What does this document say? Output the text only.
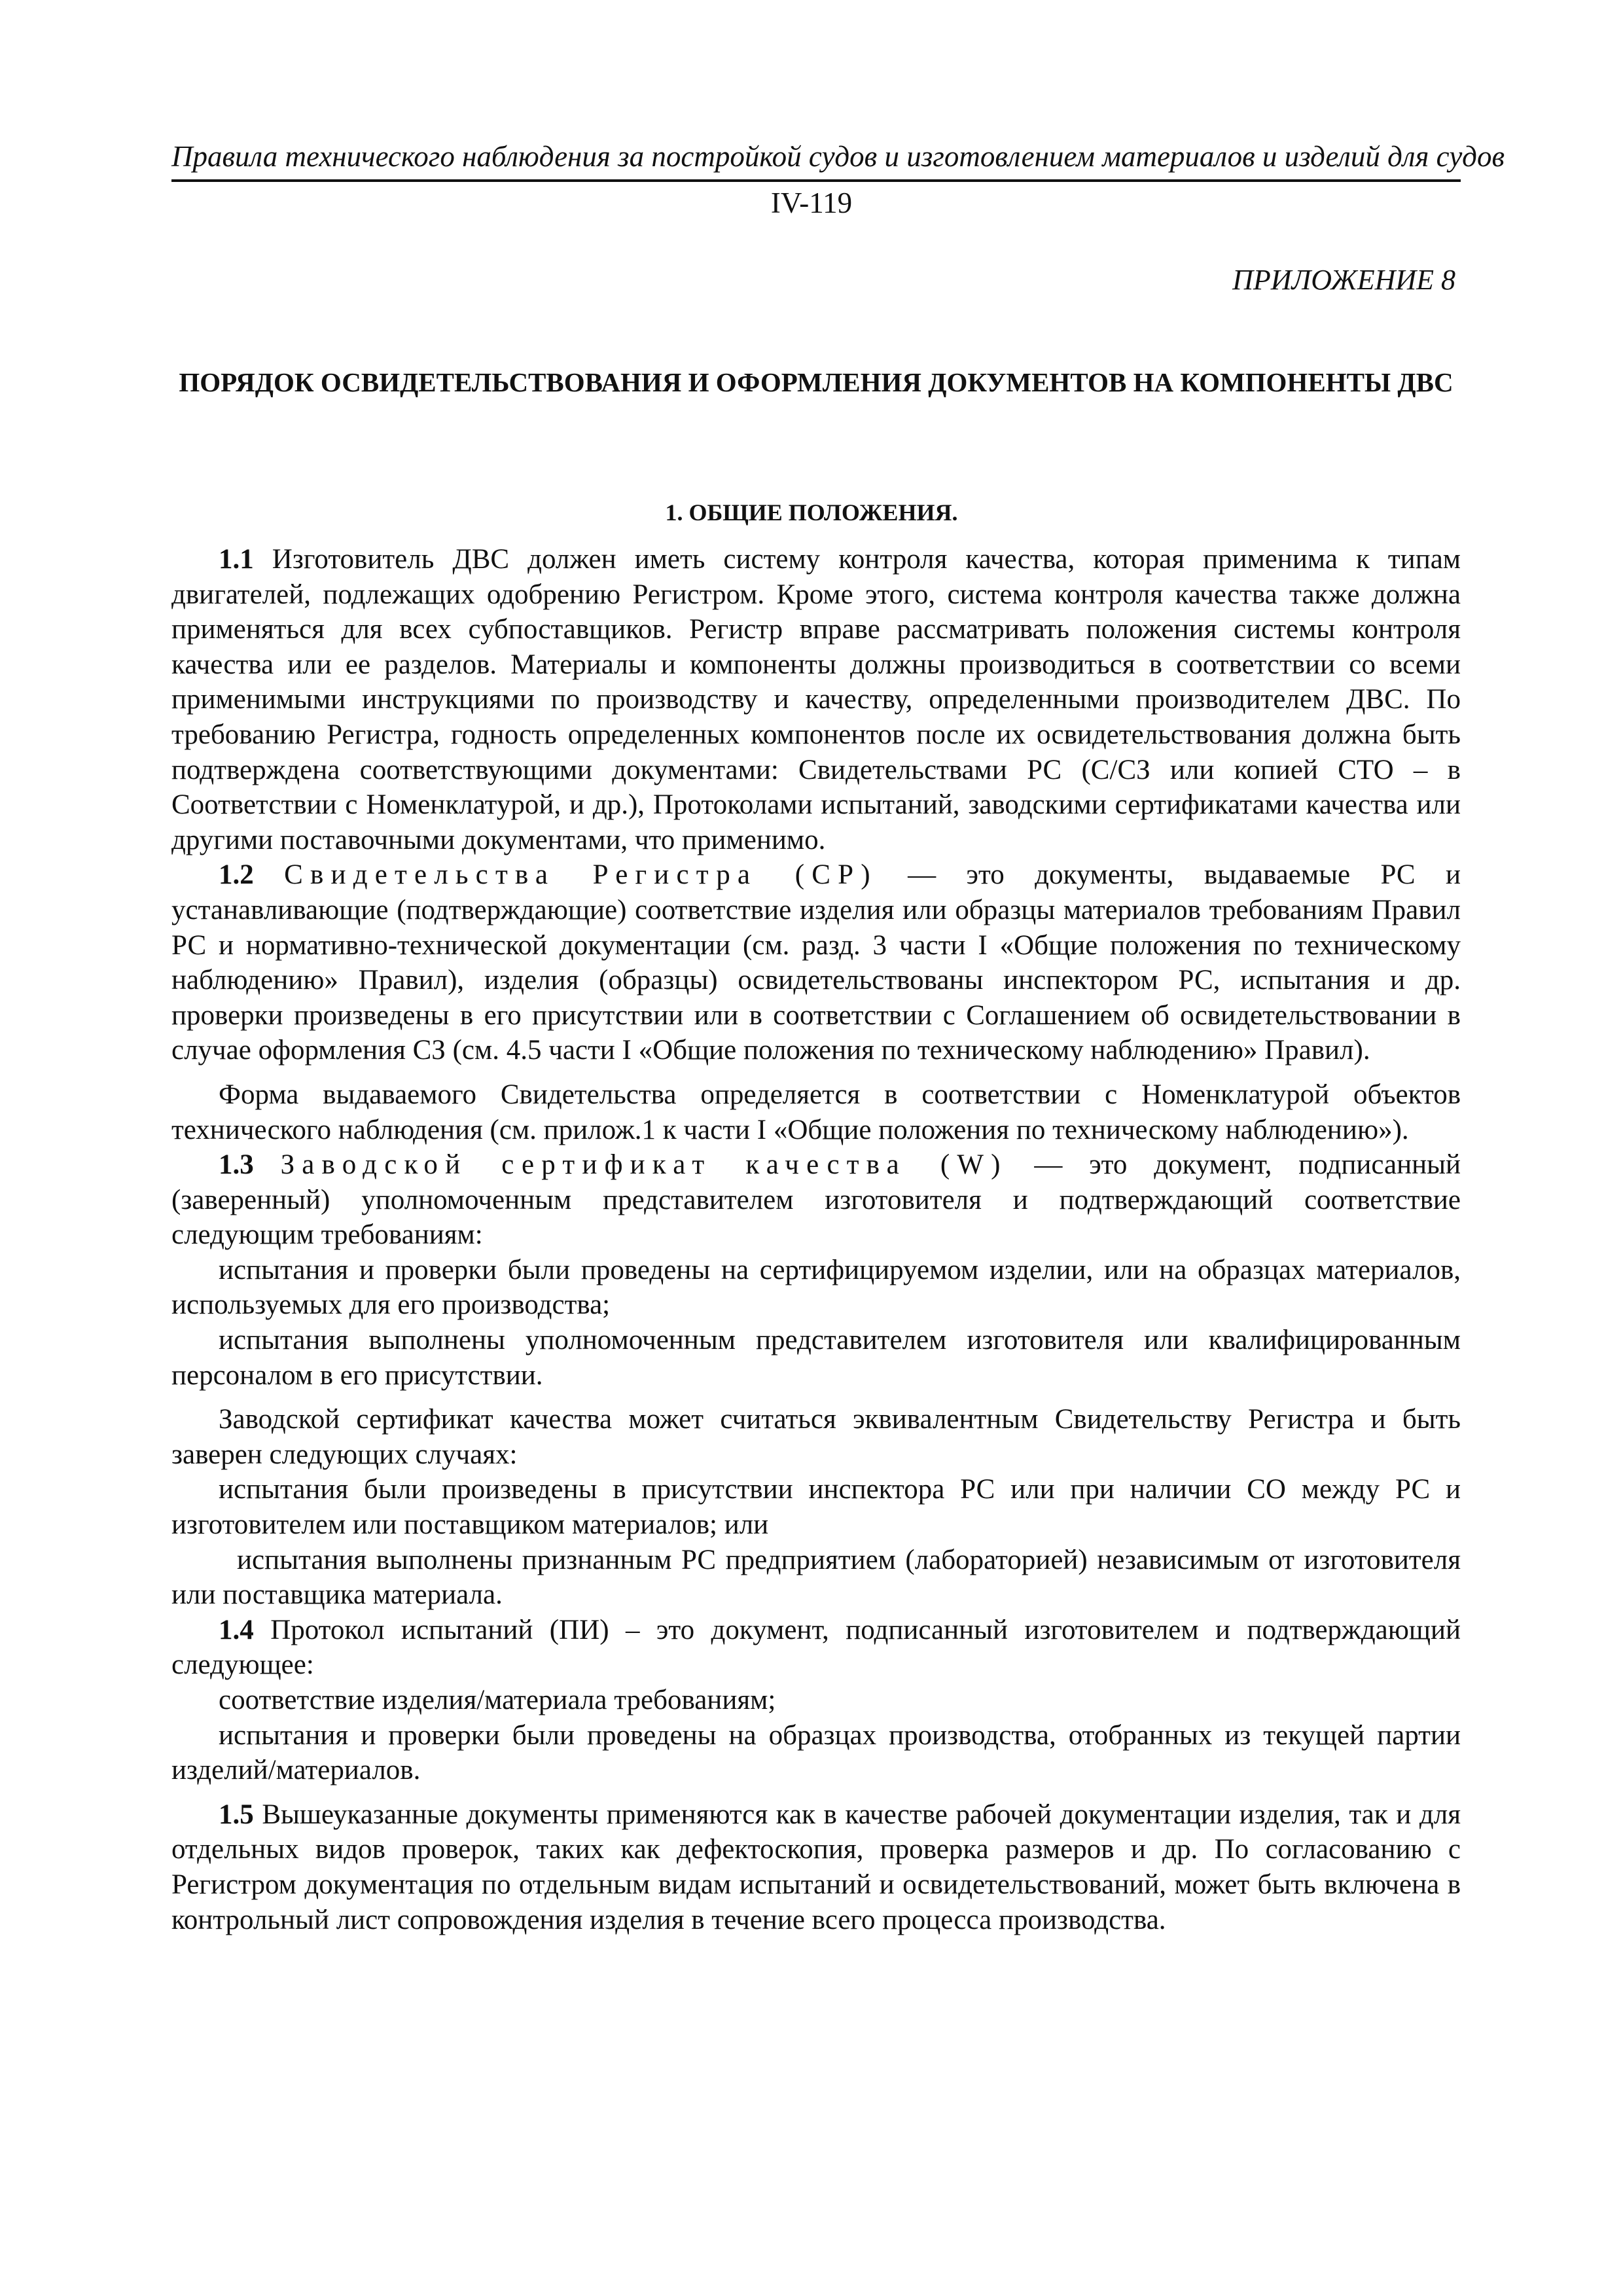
Правила технического наблюдения за постройкой судов и изготовлением материалов и изделий для судов
IV-119
ПРИЛОЖЕНИЕ 8
ПОРЯДОК ОСВИДЕТЕЛЬСТВОВАНИЯ И ОФОРМЛЕНИЯ ДОКУМЕНТОВ НА КОМПОНЕНТЫ ДВС
1. ОБЩИЕ ПОЛОЖЕНИЯ.

1.1 Изготовитель ДВС должен иметь систему контроля качества, которая применима к типам двигателей, подлежащих одобрению Регистром. Кроме этого, система контроля качества также должна применяться для всех субпоставщиков. Регистр вправе рассматривать положения системы контроля качества или ее разделов. Материалы и компоненты должны производиться в соответствии со всеми применимыми инструкциями по производству и качеству, определенными производителем ДВС. По требованию Регистра, годность определенных компонентов после их освидетельствования должна быть подтверждена соответствующими документами: Свидетельствами РС (С/СЗ или копией СТО – в Соответствии с Номенклатурой, и др.), Протоколами испытаний, заводскими сертификатами качества или другими поставочными документами, что применимо.

1.2 Свидетельства Регистра (СР) — это документы, выдаваемые РС и устанавливающие (подтверждающие) соответствие изделия или образцы материалов требованиям Правил РС и нормативно-технической документации (см. разд. 3 части I «Общие положения по техническому наблюдению» Правил), изделия (образцы) освидетельствованы инспектором РС, испытания и др. проверки произведены в его присутствии или в соответствии с Соглашением об освидетельствовании в случае оформления СЗ (см. 4.5 части I «Общие положения по техническому наблюдению» Правил).

Форма выдаваемого Свидетельства определяется в соответствии с Номенклатурой объектов технического наблюдения (см. прилож.1 к части I «Общие положения по техническому наблюдению»).

1.3 Заводской сертификат качества (W) — это документ, подписанный (заверенный) уполномоченным представителем изготовителя и подтверждающий соответствие следующим требованиям:

испытания и проверки были проведены на сертифицируемом изделии, или на образцах материалов, используемых для его производства;

испытания выполнены уполномоченным представителем изготовителя или квалифицированным персоналом в его присутствии.

Заводской сертификат качества может считаться эквивалентным Свидетельству Регистра и быть заверен следующих случаях:

испытания были произведены в присутствии инспектора РС или при наличии СО между РС и изготовителем или поставщиком материалов; или

испытания выполнены признанным РС предприятием (лабораторией) независимым от изготовителя или поставщика материала.

1.4 Протокол испытаний (ПИ) – это документ, подписанный изготовителем и подтверждающий следующее:

соответствие изделия/материала требованиям;

испытания и проверки были проведены на образцах производства, отобранных из текущей партии изделий/материалов.

1.5 Вышеуказанные документы применяются как в качестве рабочей документации изделия, так и для отдельных видов проверок, таких как дефектоскопия, проверка размеров и др. По согласованию с Регистром документация по отдельным видам испытаний и освидетельствований, может быть включена в контрольный лист сопровождения изделия в течение всего процесса производства.
